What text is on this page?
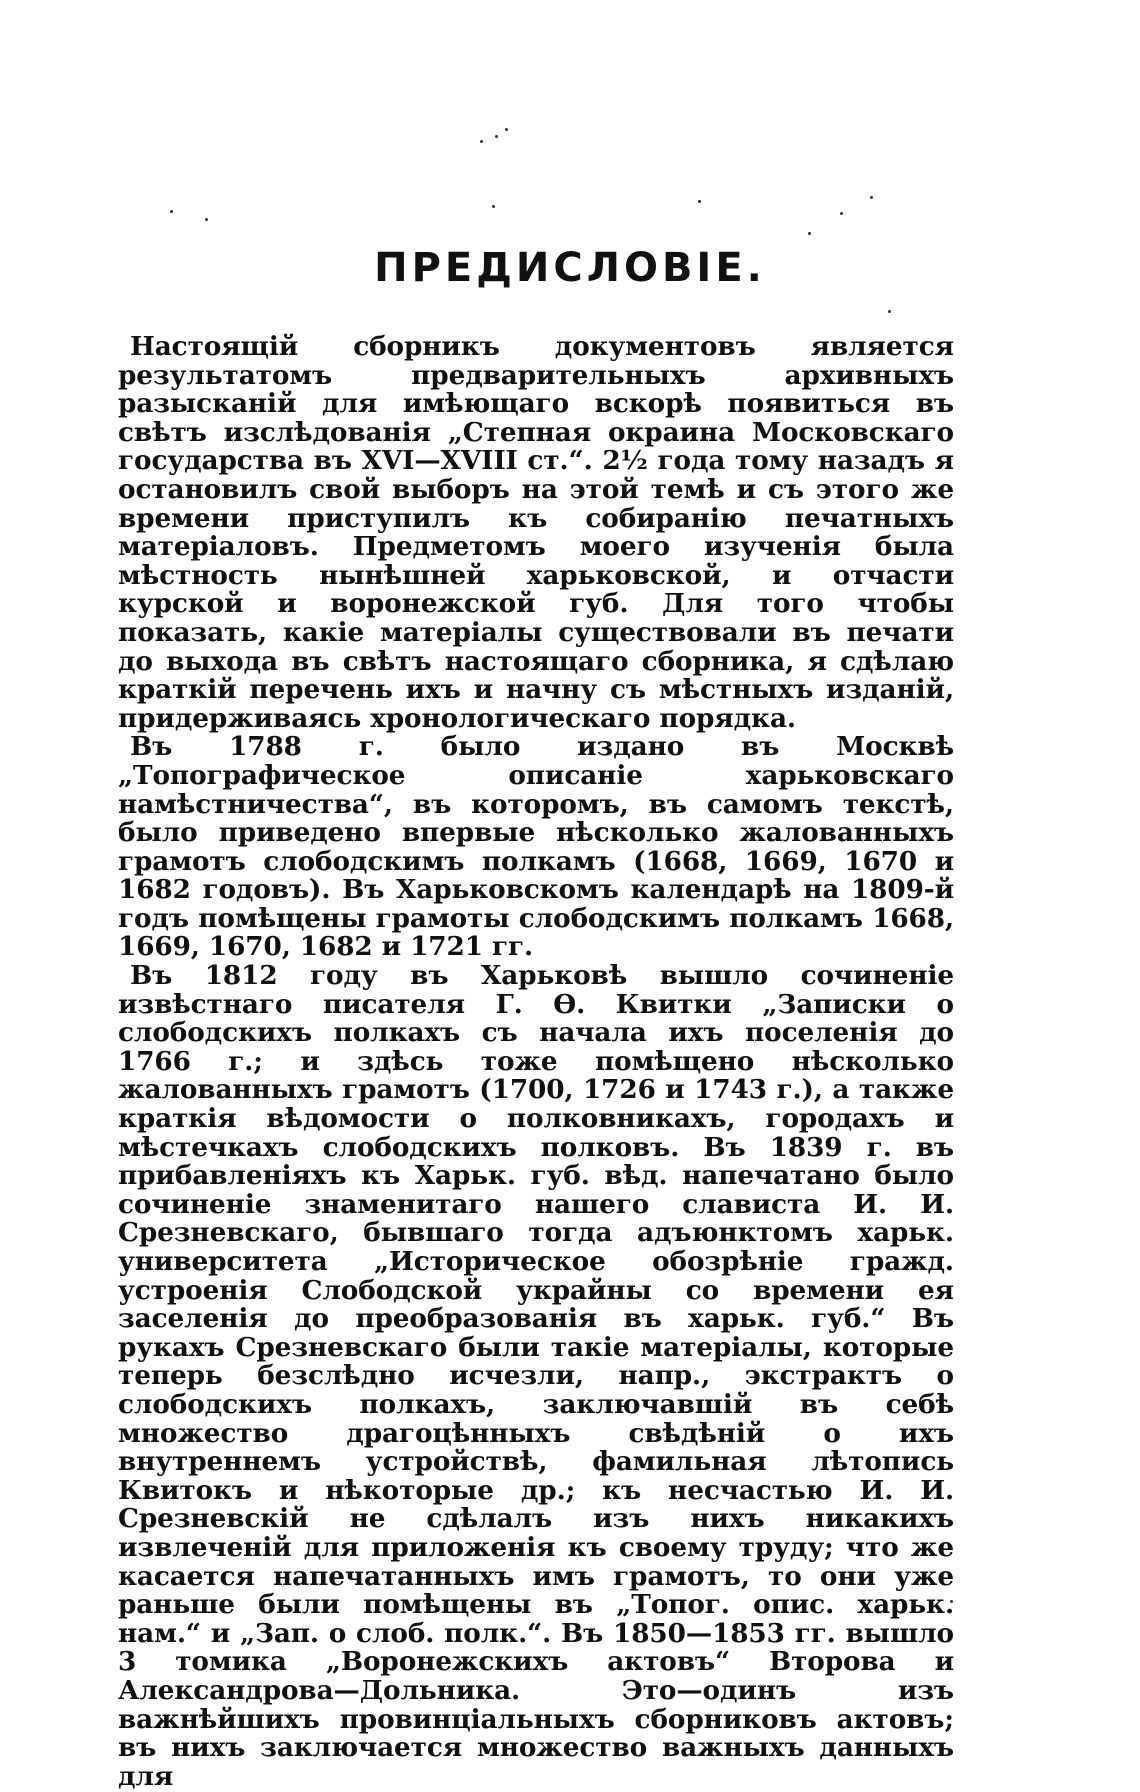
ПРЕДИСЛОВІЕ.

Настоящій сборникъ документовъ является результатомъ предварительныхъ архивныхъ разысканій для имѣющаго вскорѣ появиться въ свѣтъ изслѣдованія „Степная окраина Московскаго государства въ XVI—XVIII ст.“. 2½ года тому назадъ я остановилъ свой выборъ на этой темѣ и съ этого же времени приступилъ къ собиранію печатныхъ матеріаловъ. Предметомъ моего изученія была мѣстность нынѣшней харьковской, и отчасти курской и воронежской губ. Для того чтобы показать, какіе матеріалы существовали въ печати до выхода въ свѣтъ настоящаго сборника, я сдѣлаю краткій перечень ихъ и начну съ мѣстныхъ изданій, придерживаясь хронологическаго порядка.

Въ 1788 г. было издано въ Москвѣ „Топографическое описаніе харьковскаго намѣстничества“, въ которомъ, въ самомъ текстѣ, было приведено впервые нѣсколько жалованныхъ грамотъ слободскимъ полкамъ (1668, 1669, 1670 и 1682 годовъ). Въ Харьковскомъ календарѣ на 1809-й годъ помѣщены грамоты слободскимъ полкамъ 1668, 1669, 1670, 1682 и 1721 гг.

Въ 1812 году въ Харьковѣ вышло сочиненіе извѣстнаго писателя Г. Ѳ. Квитки „Записки о слободскихъ полкахъ съ начала ихъ поселенія до 1766 г.; и здѣсь тоже помѣщено нѣсколько жалованныхъ грамотъ (1700, 1726 и 1743 г.), а также краткія вѣдомости о полковникахъ, городахъ и мѣстечкахъ слободскихъ полковъ. Въ 1839 г. въ прибавленіяхъ къ Харьк. губ. вѣд. напечатано было сочиненіе знаменитаго нашего слависта И. И. Срезневскаго, бывшаго тогда адъюнктомъ харьк. университета „Историческое обозрѣніе гражд. устроенія Слободской украйны со времени ея заселенія до преобразованія въ харьк. губ.“ Въ рукахъ Срезневскаго были такіе матеріалы, которые теперь безслѣдно исчезли, напр., экстрактъ о слободскихъ полкахъ, заключавшій въ себѣ множество драгоцѣнныхъ свѣдѣній о ихъ внутреннемъ устройствѣ, фамильная лѣтопись Квитокъ и нѣкоторые др.; къ несчастью И. И. Срезневскій не сдѣлалъ изъ нихъ никакихъ извлеченій для приложенія къ своему труду; что же касается напечатанныхъ имъ грамотъ, то они уже раньше были помѣщены въ „Топог. опис. харьк. нам.“ и „Зап. о слоб. полк.“. Въ 1850—1853 гг. вышло 3 томика „Воронежскихъ актовъ“ Второва и Александрова—Дольника. Это—одинъ изъ важнѣйшихъ провинціальныхъ сборниковъ актовъ; въ нихъ заключается множество важныхъ данныхъ для
